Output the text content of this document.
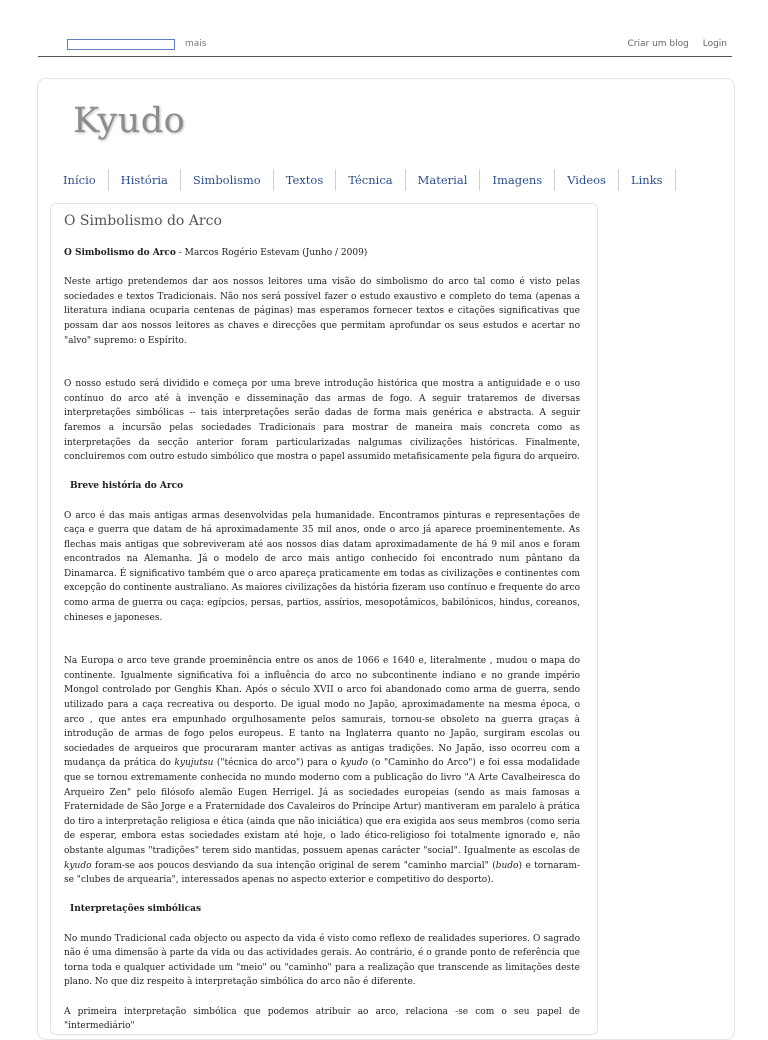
mais	Criar um blog Login
Kyudo
Início	História	Simbolismo	Textos	Técnica	Material	Imagens	Videos	Links
O Simbolismo do Arco

O Simbolismo do Arco - Marcos Rogério Estevam (Junho / 2009)

Neste artigo pretendemos dar aos nossos leitores uma visão do simbolismo do arco tal como é visto pelas sociedades e textos Tradicionais. Não nos será possível fazer o estudo exaustivo e completo do tema (apenas a literatura indiana ocuparia centenas de páginas) mas esperamos fornecer textos e citações significativas que possam dar aos nossos leitores as chaves e direcções que permitam aprofundar os seus estudos e acertar no "alvo" supremo: o Espírito.

O nosso estudo será dividido e começa por uma breve introdução histórica que mostra a antiguidade e o uso contínuo do arco até à invenção e disseminação das armas de fogo. A seguir trataremos de diversas interpretações simbólicas -- tais interpretações serão dadas de forma mais genérica e abstracta. A seguir faremos a incursão pelas sociedades Tradicionais para mostrar de maneira mais concreta como as interpretações da secção anterior foram particularizadas nalgumas civilizações históricas. Finalmente, concluiremos com outro estudo simbólico que mostra o papel assumido metafisicamente pela figura do arqueiro.

Breve história do Arco

O arco é das mais antigas armas desenvolvidas pela humanidade. Encontramos pinturas e representações de caça e guerra que datam de há aproximadamente 35 mil anos, onde o arco já aparece proeminentemente. As flechas mais antigas que sobreviveram até aos nossos dias datam aproximadamente de há 9 mil anos e foram encontrados na Alemanha. Já o modelo de arco mais antigo conhecido foi encontrado num pântano da Dinamarca. É significativo também que o arco apareça praticamente em todas as civilizações e continentes com excepção do continente australiano. As maiores civilizações da história fizeram uso contínuo e frequente do arco como arma de guerra ou caça: egípcios, persas, partios, assírios, mesopotâmicos, babilónicos, hindus, coreanos, chineses e japoneses.

Na Europa o arco teve grande proeminência entre os anos de 1066 e 1640 e, literalmente , mudou o mapa do continente. Igualmente significativa foi a influência do arco no subcontinente indiano e no grande império Mongol controlado por Genghis Khan. Após o século XVII o arco foi abandonado como arma de guerra, sendo utilizado para a caça recreativa ou desporto. De igual modo no Japão, aproximadamente na mesma época, o arco , que antes era empunhado orgulhosamente pelos samurais, tornou-se obsoleto na guerra graças à introdução de armas de fogo pelos europeus. E tanto na Inglaterra quanto no Japão, surgiram escolas ou sociedades de arqueiros que procuraram manter activas as antigas tradições. No Japão, isso ocorreu com a mudança da prática do kyujutsu ("técnica do arco") para o kyudo (o "Caminho do Arco") e foi essa modalidade que se tornou extremamente conhecida no mundo moderno com a publicação do livro "A Arte Cavalheiresca do Arqueiro Zen" pelo filósofo alemão Eugen Herrigel. Já as sociedades europeias (sendo as mais famosas a Fraternidade de São Jorge e a Fraternidade dos Cavaleiros do Príncipe Artur) mantiveram em paralelo à prática do tiro a interpretação religiosa e ética (ainda que não iniciática) que era exigida aos seus membros (como seria de esperar, embora estas sociedades existam até hoje, o lado ético-religioso foi totalmente ignorado e, não obstante algumas "tradições" terem sido mantidas, possuem apenas carácter "social". Igualmente as escolas de kyudo foram-se aos poucos desviando da sua intenção original de serem "caminho marcial" (budo) e tornaram-se "clubes de arquearia", interessados apenas no aspecto exterior e competitivo do desporto).

Interpretações simbólicas

No mundo Tradicional cada objecto ou aspecto da vida é visto como reflexo de realidades superiores. O sagrado não é uma dimensão à parte da vida ou das actividades gerais. Ao contrário, é o grande ponto de referência que torna toda e qualquer actividade um "meio" ou "caminho" para a realização que transcende as limitações deste plano. No que diz respeito à interpretação simbólica do arco não é diferente.

A primeira interpretação simbólica que podemos atribuir ao arco, relaciona -se com o seu papel de "intermediário"
